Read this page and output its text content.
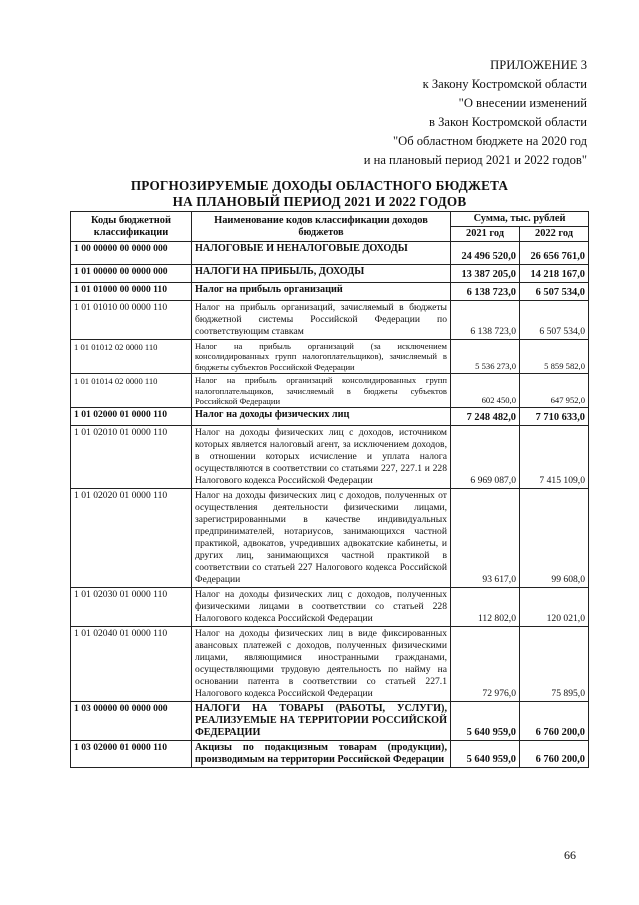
ПРИЛОЖЕНИЕ 3
к Закону Костромской области
"О внесении изменений
в Закон Костромской области
"Об областном бюджете на 2020 год
и на плановый период 2021 и 2022 годов"
ПРОГНОЗИРУЕМЫЕ ДОХОДЫ ОБЛАСТНОГО БЮДЖЕТА
НА ПЛАНОВЫЙ ПЕРИОД 2021 И 2022 ГОДОВ
Коды бюджетной классификации	Наименование кодов классификации доходов бюджетов	Сумма, тыс. рублей	
		2021 год	2022 год
1 00 00000 00 0000 000	НАЛОГОВЫЕ И НЕНАЛОГОВЫЕ ДОХОДЫ	24 496 520,0	26 656 761,0
1 01 00000 00 0000 000	НАЛОГИ НА ПРИБЫЛЬ, ДОХОДЫ	13 387 205,0	14 218 167,0
1 01 01000 00 0000 110	Налог на прибыль организаций	6 138 723,0	6 507 534,0
1 01 01010 00 0000 110	Налог на прибыль организаций, зачисляемый в бюджеты бюджетной системы Российской Федерации по соответствующим ставкам	6 138 723,0	6 507 534,0
1 01 01012 02 0000 110	Налог на прибыль организаций (за исключением консолидированных групп налогоплательщиков), зачисляемый в бюджеты субъектов Российской Федерации	5 536 273,0	5 859 582,0
1 01 01014 02 0000 110	Налог на прибыль организаций консолидированных групп налогоплательщиков, зачисляемый в бюджеты субъектов Российской Федерации	602 450,0	647 952,0
1 01 02000 01 0000 110	Налог на доходы физических лиц	7 248 482,0	7 710 633,0
1 01 02010 01 0000 110	Налог на доходы физических лиц с доходов, источником которых является налоговый агент, за исключением доходов, в отношении которых исчисление и уплата налога осуществляются в соответствии со статьями 227, 227.1 и 228 Налогового кодекса Российской Федерации	6 969 087,0	7 415 109,0
1 01 02020 01 0000 110	Налог на доходы физических лиц с доходов, полученных от осуществления деятельности физическими лицами, зарегистрированными в качестве индивидуальных предпринимателей, нотариусов, занимающихся частной практикой, адвокатов, учредивших адвокатские кабинеты, и других лиц, занимающихся частной практикой в соответствии со статьей 227 Налогового кодекса Российской Федерации	93 617,0	99 608,0
1 01 02030 01 0000 110	Налог на доходы физических лиц с доходов, полученных физическими лицами в соответствии со статьей 228 Налогового кодекса Российской Федерации	112 802,0	120 021,0
1 01 02040 01 0000 110	Налог на доходы физических лиц в виде фиксированных авансовых платежей с доходов, полученных физическими лицами, являющимися иностранными гражданами, осуществляющими трудовую деятельность по найму на основании патента в соответствии со статьей 227.1 Налогового кодекса Российской Федерации	72 976,0	75 895,0
1 03 00000 00 0000 000	НАЛОГИ НА ТОВАРЫ (РАБОТЫ, УСЛУГИ), РЕАЛИЗУЕМЫЕ НА ТЕРРИТОРИИ РОССИЙСКОЙ ФЕДЕРАЦИИ	5 640 959,0	6 760 200,0
1 03 02000 01 0000 110	Акцизы по подакцизным товарам (продукции), производимым на территории Российской Федерации	5 640 959,0	6 760 200,0
66
